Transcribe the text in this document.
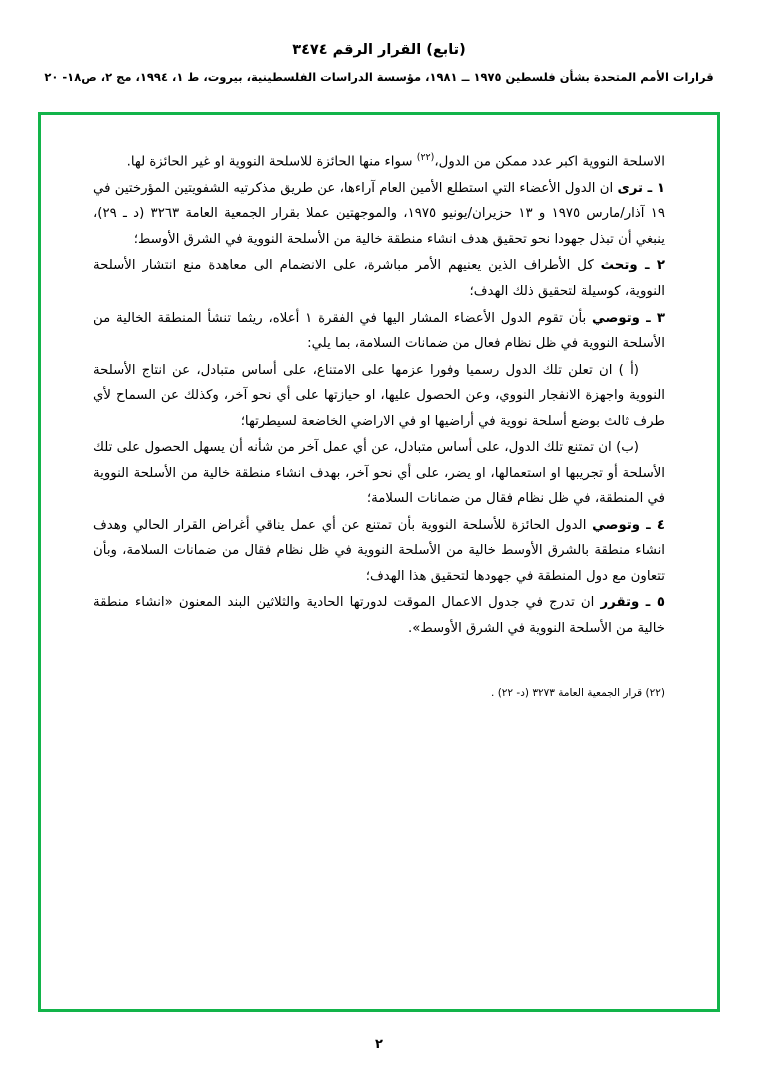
(تابع) القرار الرقم ٣٤٧٤
قرارات الأمم المتحدة بشأن فلسطين ١٩٧٥ ــ ١٩٨١، مؤسسة الدراسات الفلسطينية، بيروت، ط ١، ١٩٩٤، مج ٢، ص١٨- ٢٠

الاسلحة النووية اكبر عدد ممكن من الدول،$^{(٢٢)}$ سواء منها الحائزة للاسلحة النووية او غير الحائزة لها.

١ ـ ترى ان الدول الأعضاء التي استطلع الأمين العام آراءها، عن طريق مذكرتيه الشفويتين المؤرختين في ١٩ آذار/مارس ١٩٧٥ و ١٣ حزيران/يونيو ١٩٧٥، والموجهتين عملا بقرار الجمعية العامة ٣٢٦٣ (د ـ ٢٩)، ينبغي أن تبذل جهودا نحو تحقيق هدف انشاء منطقة خالية من الأسلحة النووية في الشرق الأوسط؛

٢ ـ وتحث كل الأطراف الذين يعنيهم الأمر مباشرة، على الانضمام الى معاهدة منع انتشار الأسلحة النووية، كوسيلة لتحقيق ذلك الهدف؛

٣ ـ وتوصي بأن تقوم الدول الأعضاء المشار اليها في الفقرة ١ أعلاه، ريثما تنشأ المنطقة الخالية من الأسلحة النووية في ظل نظام فعال من ضمانات السلامة، بما يلي:

(أ ) ان تعلن تلك الدول رسميا وفورا عزمها على الامتناع، على أساس متبادل، عن انتاج الأسلحة النووية واجهزة الانفجار النووي، وعن الحصول عليها، او حيازتها على أي نحو آخر، وكذلك عن السماح لأي طرف ثالث بوضع أسلحة نووية في أراضيها او في الاراضي الخاضعة لسيطرتها؛

(ب) ان تمتنع تلك الدول، على أساس متبادل، عن أي عمل آخر من شأنه أن يسهل الحصول على تلك الأسلحة أو تجريبها او استعمالها، او يضر، على أي نحو آخر، بهدف انشاء منطقة خالية من الأسلحة النووية في المنطقة، في ظل نظام فقال من ضمانات السلامة؛

٤ ـ وتوصي الدول الحائزة للأسلحة النووية بأن تمتنع عن أي عمل يناقي أغراض القرار الحالي وهدف انشاء منطقة بالشرق الأوسط خالية من الأسلحة النووية في ظل نظام فقال من ضمانات السلامة، وبأن تتعاون مع دول المنطقة في جهودها لتحقيق هذا الهدف؛

٥ ـ وتقرر ان تدرج في جدول الاعمال الموقت لدورتها الحادية والثلاثين البند المعنون «انشاء منطقة خالية من الأسلحة النووية في الشرق الأوسط».

(٢٢) قرار الجمعية العامة ٣٢٧٣ (د- ٢٢) .
٢
